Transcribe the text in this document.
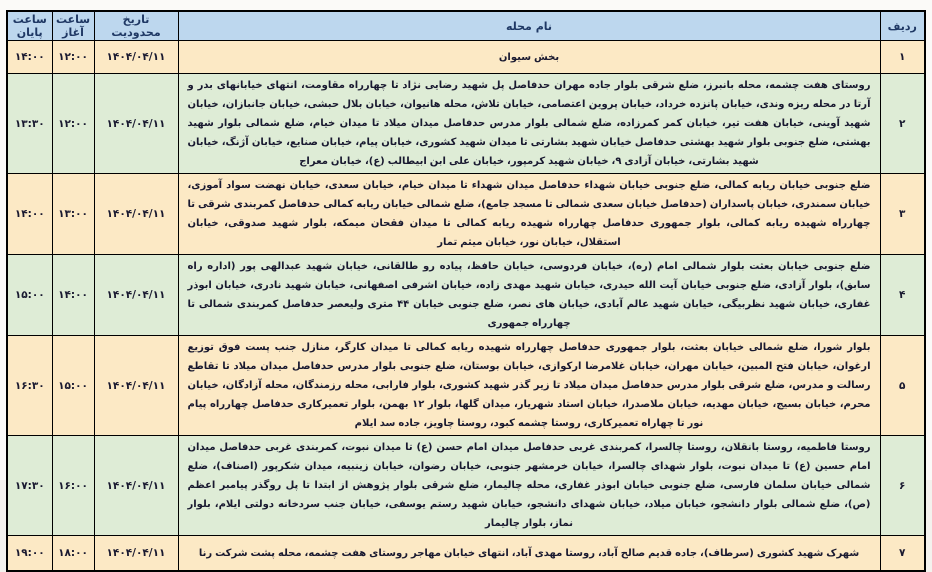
ردیف	نام محله	تاریخ محدودیت	ساعت آغاز	ساعت پایان
۱	بخش سیوان	۱۴۰۴/۰۴/۱۱	۱۲:۰۰	۱۴:۰۰
۲	روستای هفت چشمه، محله بانبرز، ضلع شرقی بلوار جاده مهران حدفاصل پل شهید رضایی نژاد تا چهارراه مقاومت، انتهای خیابانهای بدر و آرتا در محله ریزه وندی، خیابان پانزده خرداد، خیابان پروین اعتصامی، خیابان تلاش، محله هانیوان، خیابان بلال حبشی، خیابان جانبازان، خیابان شهید آوینی، خیابان هفت تیر، خیابان کمر کمرزاده، ضلع شمالی بلوار مدرس حدفاصل میدان میلاد تا میدان خیام، ضلع شمالی بلوار شهید بهشتی، ضلع جنوبی بلوار شهید بهشتی حدفاصل خیابان شهید بشارتی تا میدان شهید کشوری، خیابان پیام، خیابان صنایع، خیابان آژنگ، خیابان شهید بشارتی، خیابان آزادی ۹، خیابان شهید کرمپور، خیابان علی ابن ابیطالب (ع)، خیابان معراج	۱۴۰۴/۰۴/۱۱	۱۲:۰۰	۱۳:۳۰
۳	ضلع جنوبی خیابان ریابه کمالی، ضلع جنوبی خیابان شهداء حدفاصل میدان شهداء تا میدان خیام، خیابان سعدی، خیابان نهضت سواد آموزی، خیابان سمندری، خیابان پاسداران (حدفاصل خیابان سعدی شمالی تا مسجد جامع)، ضلع شمالی خیابان ریابه کمالی حدفاصل کمربندی شرقی تا چهارراه شهیده ریابه کمالی، بلوار جمهوری حدفاصل چهارراه شهیده ریابه کمالی تا میدان فقحان میمکه، بلوار شهید صدوقی، خیابان استقلال، خیابان نور، خیابان میثم تمار	۱۴۰۴/۰۴/۱۱	۱۳:۰۰	۱۴:۰۰
۴	ضلع جنوبی خیابان بعثت بلوار شمالی امام (ره)، خیابان فردوسی، خیابان حافظ، پیاده رو طالقانی، خیابان شهید عبدالهی پور (اداره راه سابق)، بلوار آزادی، ضلع جنوبی خیابان آیت الله حیدری، خیابان شهید مهدی زاده، خیابان اشرفی اصفهانی، خیابان شهید نادری، خیابان ابوذر غفاری، خیابان شهید نظربیگی، خیابان شهید عالم آبادی، خیابان های نصر، ضلع جنوبی خیابان ۴۴ متری ولیعصر حدفاصل کمربندی شمالی تا چهارراه جمهوری	۱۴۰۴/۰۴/۱۱	۱۴:۰۰	۱۵:۰۰
۵	بلوار شورا، ضلع شمالی خیابان بعثت، بلوار جمهوری حدفاصل چهارراه شهیده ریابه کمالی تا میدان کارگر، منازل جنب پست فوق توزیع ارغوان، خیابان فتح المبین، خیابان مهران، خیابان غلامرضا ارکوازی، خیابان بوستان، ضلع جنوبی بلوار مدرس حدفاصل میدان میلاد تا تقاطع رسالت و مدرس، ضلع شرقی بلوار مدرس حدفاصل میدان میلاد تا زیر گذر شهید کشوری، بلوار فارابی، محله رزمندگان، محله آزادگان، خیابان محرم، خیابان بسیج، خیابان مهدیه، خیابان ملاصدرا، خیابان استاد شهریار، میدان گلها، بلوار ۱۲ بهمن، بلوار تعمیرکاری حدفاصل چهارراه پیام نور تا چهاراه تعمیرکاری، روستا چشمه کبود، روستا چاویز، جاده سد ایلام	۱۴۰۴/۰۴/۱۱	۱۵:۰۰	۱۶:۳۰
۶	روستا فاطمیه، روستا بانقلان، روستا چالسرا، کمربندی غربی حدفاصل میدان امام حسن (ع) تا میدان نبوت، کمربندی غربی حدفاصل میدان امام حسین (ع) تا میدان نبوت، بلوار شهدای چالسرا، خیابان خرمشهر جنوبی، خیابان رضوان، خیابان زینبیه، میدان شکرپور (اصناف)، ضلع شمالی خیابان سلمان فارسی، ضلع جنوبی خیابان ابوذر غفاری، محله چالیمار، ضلع شرقی بلوار پژوهش از ابتدا تا پل روگذر پیامبر اعظم (ص)، ضلع شمالی بلوار دانشجو، خیابان میلاد، خیابان شهدای دانشجو، خیابان شهید رستم یوسفی، خیابان جنب سردخانه دولتی ایلام، بلوار نماز، بلوار چالیمار	۱۴۰۴/۰۴/۱۱	۱۶:۰۰	۱۷:۳۰
۷	شهرک شهید کشوری (سرطاف)، جاده قدیم صالح آباد، روستا مهدی آباد، انتهای خیابان مهاجر روستای هفت چشمه، محله پشت شرکت رنا	۱۴۰۴/۰۴/۱۱	۱۸:۰۰	۱۹:۰۰
